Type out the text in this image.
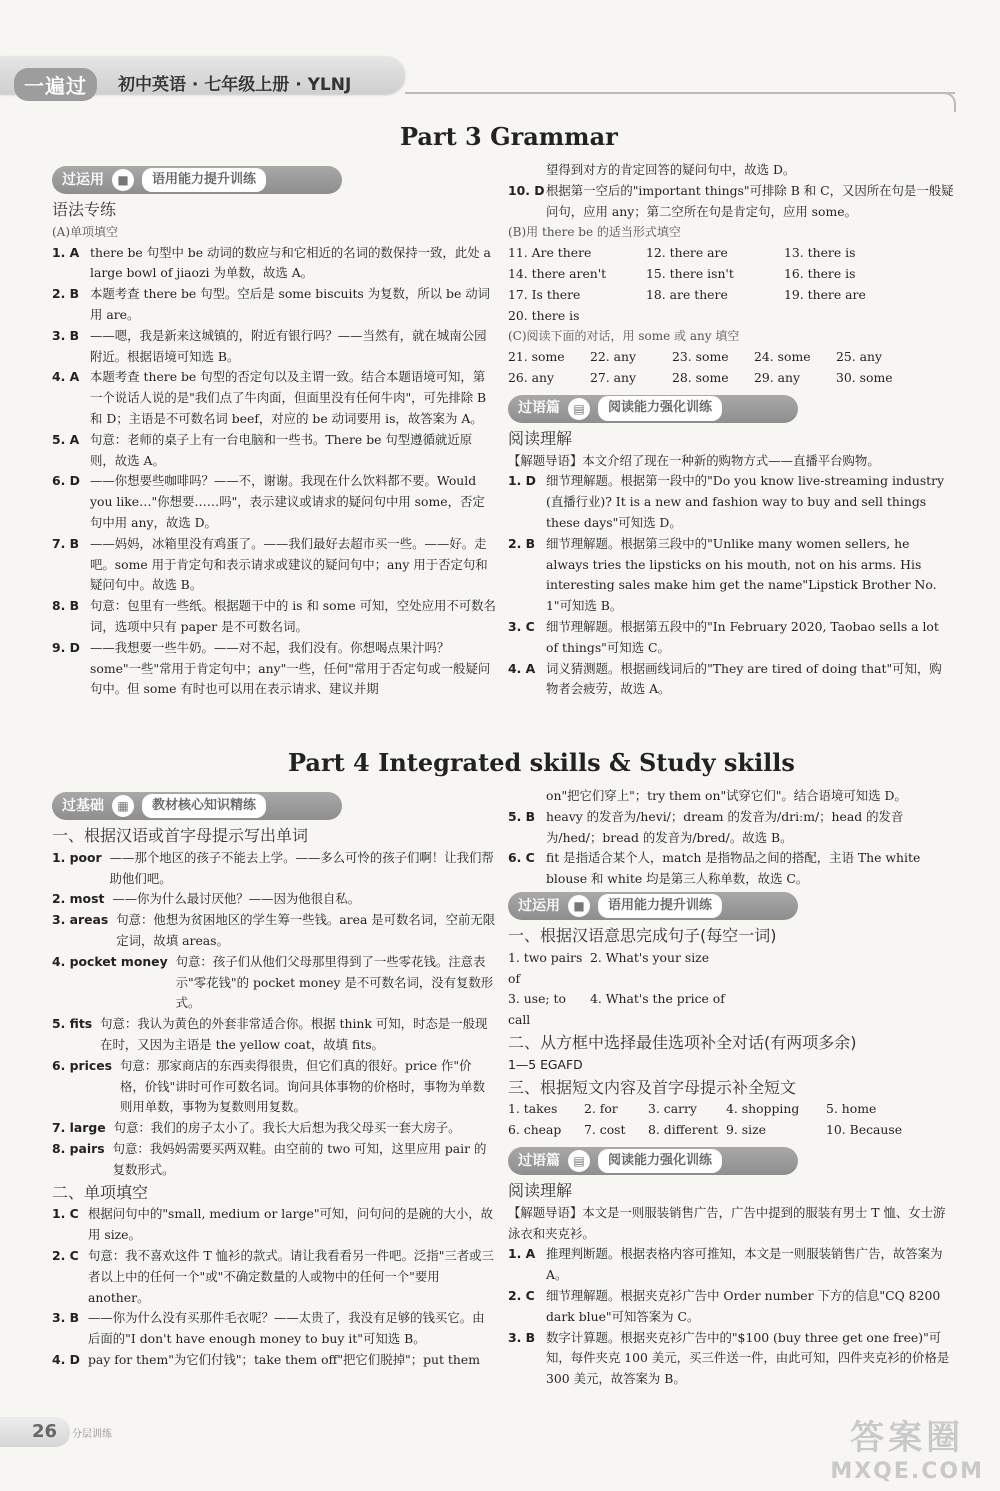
一遍过	初中英语 · 七年级上册 · YLNJ
Part 3 Grammar
过运用	■	语用能力提升训练
语法专练
(A)单项填空
1. A there be 句型中 be 动词的数应与和它相近的名词的数保持一致，此处 a large bowl of jiaozi 为单数，故选 A。
2. B 本题考查 there be 句型。空后是 some biscuits 为复数，所以 be 动词用 are。
3. B ——嗯，我是新来这城镇的，附近有银行吗？——当然有，就在城南公园附近。根据语境可知选 B。
4. A 本题考查 there be 句型的否定句以及主谓一致。结合本题语境可知，第一个说话人说的是"我们点了牛肉面，但面里没有任何牛肉"，可先排除 B 和 D；主语是不可数名词 beef，对应的 be 动词要用 is，故答案为 A。
5. A 句意：老师的桌子上有一台电脑和一些书。There be 句型遵循就近原则，故选 A。
6. D ——你想要些咖啡吗？——不，谢谢。我现在什么饮料都不要。Would you like…"你想要……吗"，表示建议或请求的疑问句中用 some，否定句中用 any，故选 D。
7. B ——妈妈，冰箱里没有鸡蛋了。——我们最好去超市买一些。——好。走吧。some 用于肯定句和表示请求或建议的疑问句中；any 用于否定句和疑问句中。故选 B。
8. B 句意：包里有一些纸。根据题干中的 is 和 some 可知，空处应用不可数名词，选项中只有 paper 是不可数名词。
9. D ——我想要一些牛奶。——对不起，我们没有。你想喝点果汁吗？some"一些"常用于肯定句中；any"一些，任何"常用于否定句或一般疑问句中。但 some 有时也可以用在表示请求、建议并期

望得到对方的肯定回答的疑问句中，故选 D。

10. D 根据第一空后的"important things"可排除 B 和 C，又因所在句是一般疑问句，应用 any；第二空所在句是肯定句，应用 some。
(B)用 there be 的适当形式填空
11. Are there	12. there are	13. there is
14. there aren't	15. there isn't	16. there is
17. Is there	18. are there	19. there are
20. there is
(C)阅读下面的对话，用 some 或 any 填空
21. some	22. any	23. some	24. some	25. any
26. any	27. any	28. some	29. any	30. some
过语篇	▤	阅读能力强化训练
阅读理解

【解题导语】本文介绍了现在一种新的购物方式——直播平台购物。

1. D 细节理解题。根据第一段中的"Do you know live-streaming industry (直播行业)? It is a new and fashion way to buy and sell things these days"可知选 D。
2. B 细节理解题。根据第三段中的"Unlike many women sellers, he always tries the lipsticks on his mouth, not on his arms. His interesting sales make him get the name"Lipstick Brother No. 1"可知选 B。
3. C 细节理解题。根据第五段中的"In February 2020, Taobao sells a lot of things"可知选 C。
4. A 词义猜测题。根据画线词后的"They are tired of doing that"可知，购物者会疲劳，故选 A。
Part 4 Integrated skills & Study skills
过基础	▦	教材核心知识精练
一、根据汉语或首字母提示写出单词
1. poor ——那个地区的孩子不能去上学。——多么可怜的孩子们啊！让我们帮助他们吧。
2. most ——你为什么最讨厌他？——因为他很自私。
3. areas 句意：他想为贫困地区的学生筹一些钱。area 是可数名词，空前无限定词，故填 areas。
4. pocket money 句意：孩子们从他们父母那里得到了一些零花钱。注意表示"零花钱"的 pocket money 是不可数名词，没有复数形式。
5. fits 句意：我认为黄色的外套非常适合你。根据 think 可知，时态是一般现在时，又因为主语是 the yellow coat，故填 fits。
6. prices 句意：那家商店的东西卖得很贵，但它们真的很好。price 作"价格，价钱"讲时可作可数名词。询问具体事物的价格时，事物为单数则用单数，事物为复数则用复数。
7. large 句意：我们的房子太小了。我长大后想为我父母买一套大房子。
8. pairs 句意：我妈妈需要买两双鞋。由空前的 two 可知，这里应用 pair 的复数形式。
二、单项填空
1. C 根据问句中的"small, medium or large"可知，问句问的是碗的大小，故用 size。
2. C 句意：我不喜欢这件 T 恤衫的款式。请让我看看另一件吧。泛指"三者或三者以上中的任何一个"或"不确定数量的人或物中的任何一个"要用 another。
3. B ——你为什么没有买那件毛衣呢？——太贵了，我没有足够的钱买它。由后面的"I don't have enough money to buy it"可知选 B。
4. D pay for them"为它们付钱"；take them off"把它们脱掉"；put them

on"把它们穿上"；try them on"试穿它们"。结合语境可知选 D。

5. B heavy 的发音为/hevi/；dream 的发音为/driːm/；head 的发音为/hed/；bread 的发音为/bred/。故选 B。
6. C fit 是指适合某个人，match 是指物品之间的搭配，主语 The white blouse 和 white 均是第三人称单数，故选 C。
过运用	■	语用能力提升训练
一、根据汉语意思完成句子(每空一词)
1. two pairs of
2. What's your size
3. use; to call
4. What's the price of
二、从方框中选择最佳选项补全对话(有两项多余)

1—5 EGAFD

三、根据短文内容及首字母提示补全短文
1. takes	2. for	3. carry	4. shopping	5. home
6. cheap	7. cost	8. different 9. size	10. Because
过语篇	▤	阅读能力强化训练
阅读理解

【解题导语】本文是一则服装销售广告，广告中提到的服装有男士 T 恤、女士游泳衣和夹克衫。

1. A 推理判断题。根据表格内容可推知，本文是一则服装销售广告，故答案为 A。
2. C 细节理解题。根据夹克衫广告中 Order number 下方的信息"CQ 8200 dark blue"可知答案为 C。
3. B 数字计算题。根据夹克衫广告中的"$100 (buy three get one free)"可知，每件夹克 100 美元，买三件送一件，由此可知，四件夹克衫的价格是 300 美元，故答案为 B。
26	分层训练	答案圈
MXQE.COM
